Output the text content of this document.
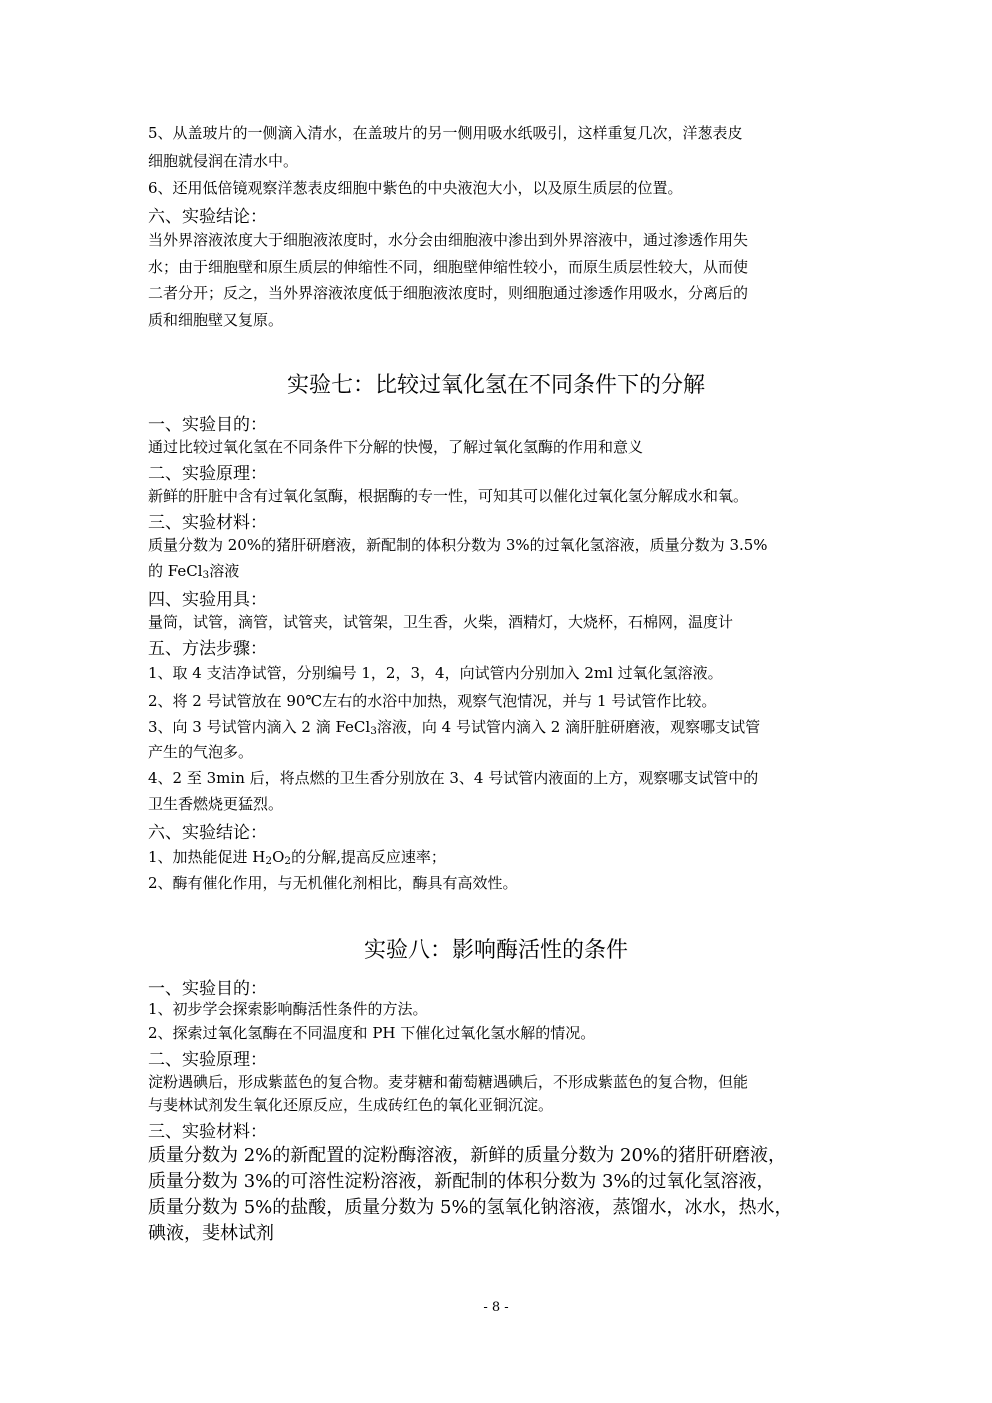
5、从盖玻片的一侧滴入清水，在盖玻片的另一侧用吸水纸吸引，这样重复几次，洋葱表皮

细胞就侵润在清水中。

6、还用低倍镜观察洋葱表皮细胞中紫色的中央液泡大小，以及原生质层的位置。

六、实验结论：

当外界溶液浓度大于细胞液浓度时，水分会由细胞液中渗出到外界溶液中，通过渗透作用失

水；由于细胞壁和原生质层的伸缩性不同，细胞壁伸缩性较小，而原生质层性较大，从而使

二者分开；反之，当外界溶液浓度低于细胞液浓度时，则细胞通过渗透作用吸水，分离后的

质和细胞壁又复原。

实验七：比较过氧化氢在不同条件下的分解

一、实验目的：

通过比较过氧化氢在不同条件下分解的快慢，了解过氧化氢酶的作用和意义

二、实验原理：

新鲜的肝脏中含有过氧化氢酶，根据酶的专一性，可知其可以催化过氧化氢分解成水和氧。

三、实验材料：

质量分数为 20%的猪肝研磨液，新配制的体积分数为 3%的过氧化氢溶液，质量分数为 3.5%

的 FeCl$_3$溶液

四、实验用具：

量筒，试管，滴管，试管夹，试管架，卫生香，火柴，酒精灯，大烧杯，石棉网，温度计

五、方法步骤：

1、取 4 支洁净试管，分别编号 1，2，3，4，向试管内分别加入 2ml 过氧化氢溶液。

2、将 2 号试管放在 90℃左右的水浴中加热，观察气泡情况，并与 1 号试管作比较。

3、向 3 号试管内滴入 2 滴 FeCl$_3$溶液，向 4 号试管内滴入 2 滴肝脏研磨液，观察哪支试管

产生的气泡多。

4、2 至 3min 后，将点燃的卫生香分别放在 3、4 号试管内液面的上方，观察哪支试管中的

卫生香燃烧更猛烈。

六、实验结论：

1、加热能促进 $H_2O_2$的分解,提高反应速率；

2、酶有催化作用，与无机催化剂相比，酶具有高效性。

实验八：影响酶活性的条件

一、实验目的：

1、初步学会探索影响酶活性条件的方法。

2、探索过氧化氢酶在不同温度和 PH 下催化过氧化氢水解的情况。

二、实验原理：

淀粉遇碘后，形成紫蓝色的复合物。麦芽糖和葡萄糖遇碘后，不形成紫蓝色的复合物，但能

与斐林试剂发生氧化还原反应，生成砖红色的氧化亚铜沉淀。

三、实验材料：

质量分数为 2%的新配置的淀粉酶溶液，新鲜的质量分数为 20%的猪肝研磨液，

质量分数为 3%的可溶性淀粉溶液，新配制的体积分数为 3%的过氧化氢溶液，

质量分数为 5%的盐酸，质量分数为 5%的氢氧化钠溶液，蒸馏水，冰水，热水，

碘液，斐林试剂

- 8 -
